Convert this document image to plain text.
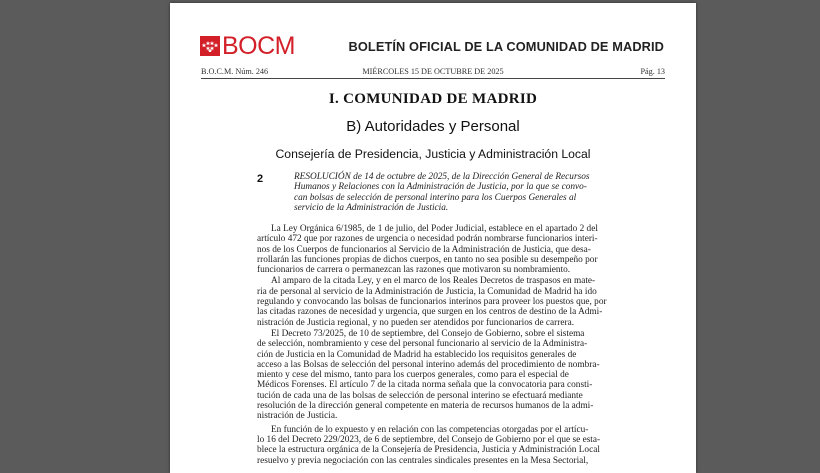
BOCM	BOLETÍN OFICIAL DE LA COMUNIDAD DE MADRID
B.O.C.M. Núm. 246	MIÉRCOLES 15 DE OCTUBRE DE 2025	Pág. 13
I. COMUNIDAD DE MADRID
B) Autoridades y Personal
Consejería de Presidencia, Justicia y Administración Local
2	RESOLUCIÓN de 14 de octubre de 2025, de la Dirección General de Recursos
Humanos y Relaciones con la Administración de Justicia, por la que se convo-
can bolsas de selección de personal interino para los Cuerpos Generales al
servicio de la Administración de Justicia.
La Ley Orgánica 6/1985, de 1 de julio, del Poder Judicial, establece en el apartado 2 del
artículo 472 que por razones de urgencia o necesidad podrán nombrarse funcionarios interi-
nos de los Cuerpos de funcionarios al Servicio de la Administración de Justicia, que desa-
rrollarán las funciones propias de dichos cuerpos, en tanto no sea posible su desempeño por
funcionarios de carrera o permanezcan las razones que motivaron su nombramiento.
Al amparo de la citada Ley, y en el marco de los Reales Decretos de traspasos en mate-
ria de personal al servicio de la Administración de Justicia, la Comunidad de Madrid ha ido
regulando y convocando las bolsas de funcionarios interinos para proveer los puestos que, por
las citadas razones de necesidad y urgencia, que surgen en los centros de destino de la Admi-
nistración de Justicia regional, y no pueden ser atendidos por funcionarios de carrera.
El Decreto 73/2025, de 10 de septiembre, del Consejo de Gobierno, sobre el sistema
de selección, nombramiento y cese del personal funcionario al servicio de la Administra-
ción de Justicia en la Comunidad de Madrid ha establecido los requisitos generales de
acceso a las Bolsas de selección del personal interino además del procedimiento de nombra-
miento y cese del mismo, tanto para los cuerpos generales, como para el especial de
Médicos Forenses. El artículo 7 de la citada norma señala que la convocatoria para consti-
tución de cada una de las bolsas de selección de personal interino se efectuará mediante
resolución de la dirección general competente en materia de recursos humanos de la admi-
nistración de Justicia.
En función de lo expuesto y en relación con las competencias otorgadas por el artícu-
lo 16 del Decreto 229/2023, de 6 de septiembre, del Consejo de Gobierno por el que se esta-
blece la estructura orgánica de la Consejería de Presidencia, Justicia y Administración Local
resuelvo y previa negociación con las centrales sindicales presentes en la Mesa Sectorial,
